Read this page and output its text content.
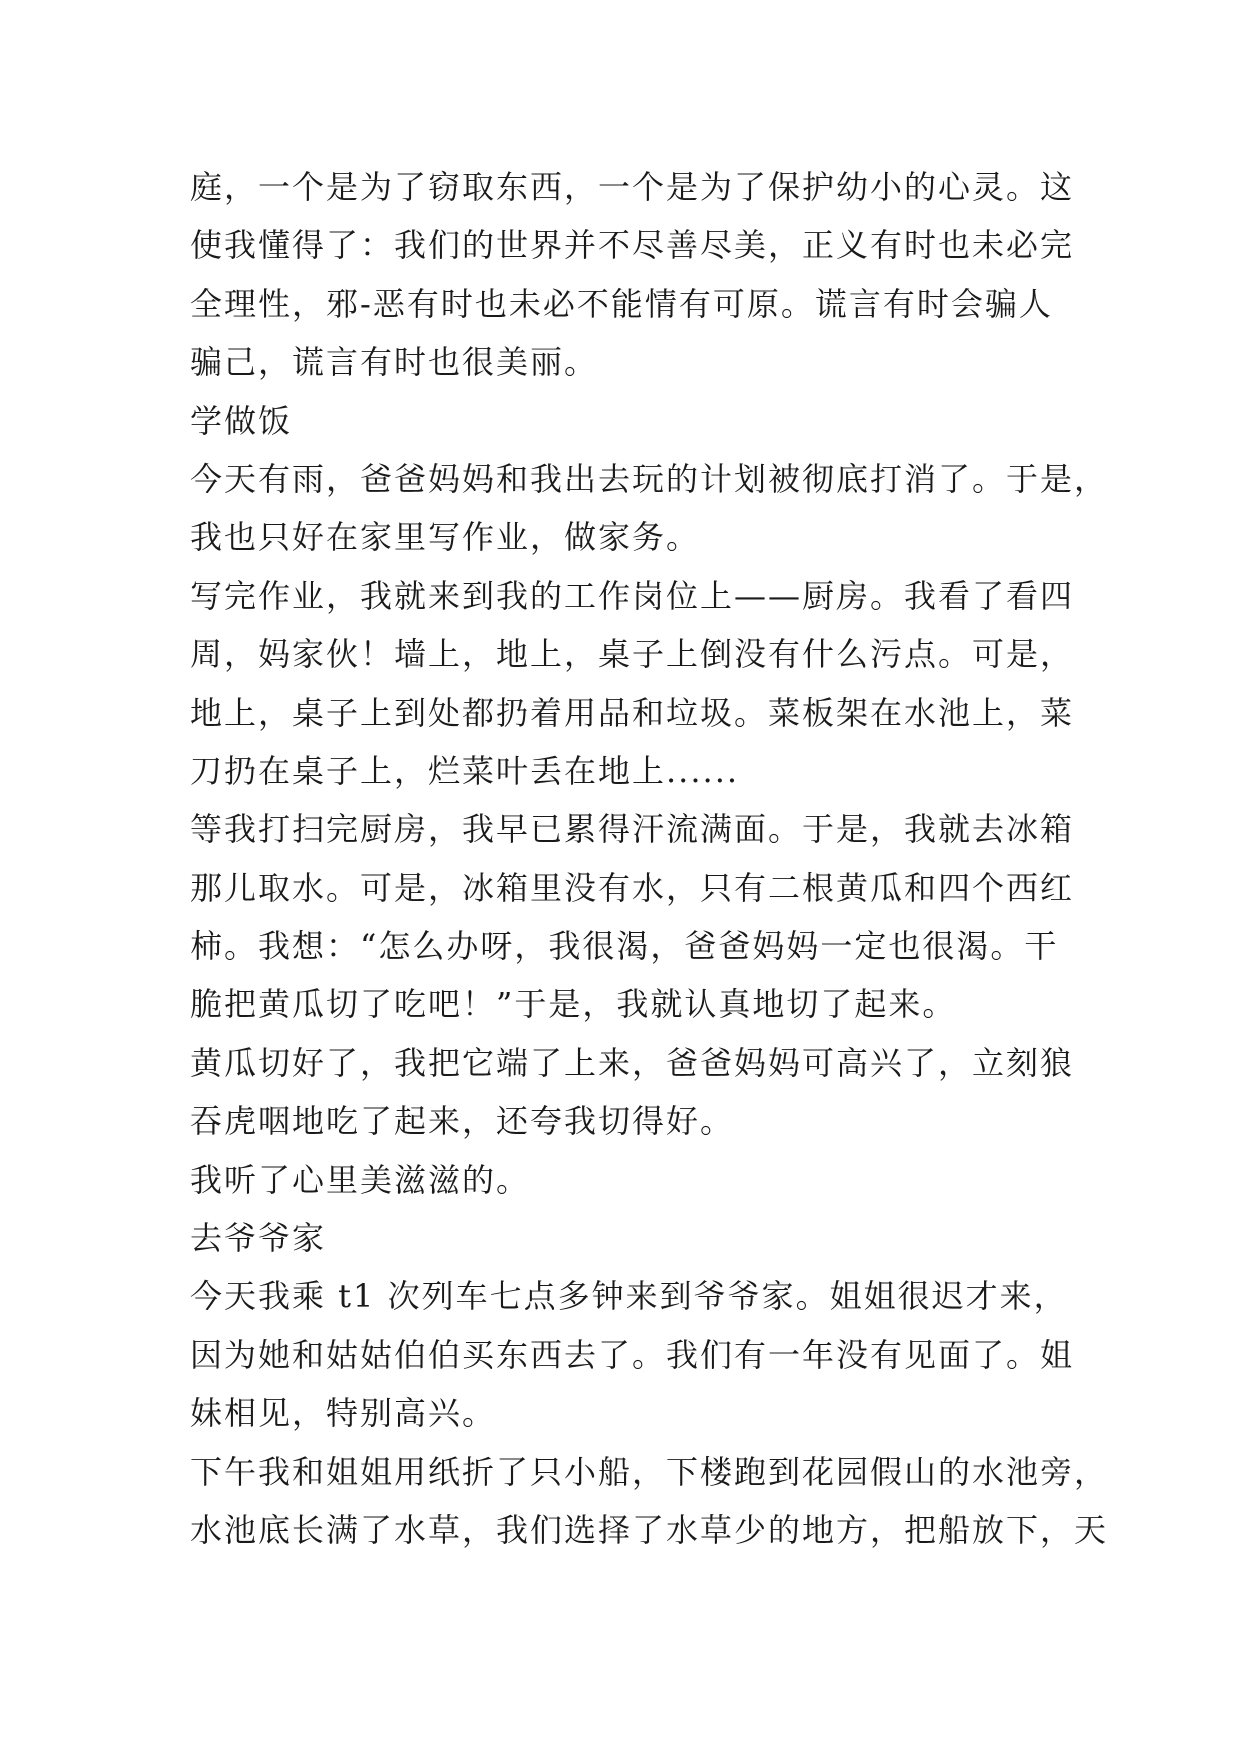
庭，一个是为了窃取东西，一个是为了保护幼小的心灵。这
使我懂得了：我们的世界并不尽善尽美，正义有时也未必完
全理性，邪-恶有时也未必不能情有可原。谎言有时会骗人
骗己，谎言有时也很美丽。
学做饭
今天有雨，爸爸妈妈和我出去玩的计划被彻底打消了。于是，
我也只好在家里写作业，做家务。
写完作业，我就来到我的工作岗位上——厨房。我看了看四
周，妈家伙！墙上，地上，桌子上倒没有什么污点。可是，
地上，桌子上到处都扔着用品和垃圾。菜板架在水池上，菜
刀扔在桌子上，烂菜叶丢在地上......
等我打扫完厨房，我早已累得汗流满面。于是，我就去冰箱
那儿取水。可是，冰箱里没有水，只有二根黄瓜和四个西红
柿。我想：“怎么办呀，我很渴，爸爸妈妈一定也很渴。干
脆把黄瓜切了吃吧！”于是，我就认真地切了起来。
黄瓜切好了，我把它端了上来，爸爸妈妈可高兴了，立刻狼
吞虎咽地吃了起来，还夸我切得好。
我听了心里美滋滋的。
去爷爷家
今天我乘 t1 次列车七点多钟来到爷爷家。姐姐很迟才来，
因为她和姑姑伯伯买东西去了。我们有一年没有见面了。姐
妹相见，特别高兴。
下午我和姐姐用纸折了只小船，下楼跑到花园假山的水池旁，
水池底长满了水草，我们选择了水草少的地方，把船放下，天
